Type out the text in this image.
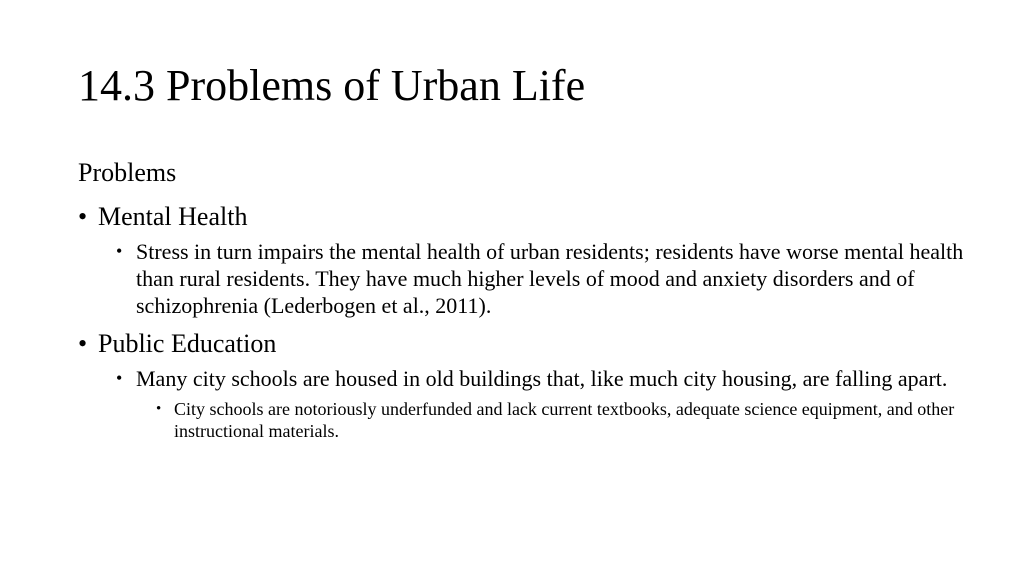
14.3 Problems of Urban Life
Problems
• Mental Health
• Stress in turn impairs the mental health of urban residents; residents have worse mental health than rural residents. They have much higher levels of mood and anxiety disorders and of schizophrenia (Lederbogen et al., 2011).
• Public Education
• Many city schools are housed in old buildings that, like much city housing, are falling apart.
• City schools are notoriously underfunded and lack current textbooks, adequate science equipment, and other instructional materials.
